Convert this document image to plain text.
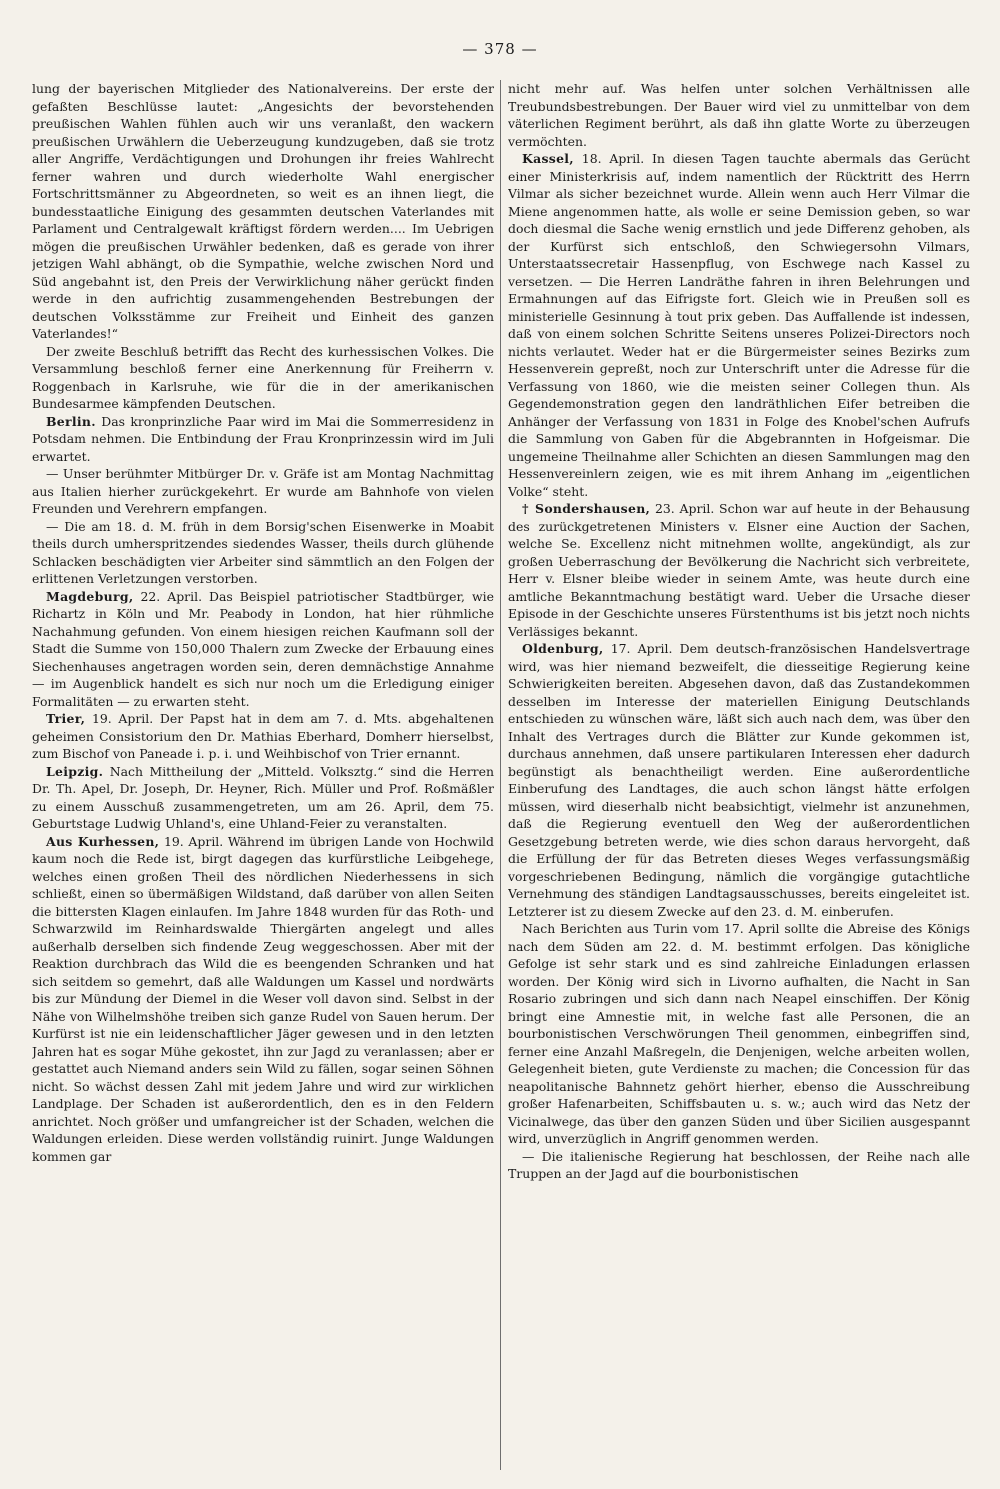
— 378 —

lung der bayerischen Mitglieder des Nationalvereins. Der erste der gefaßten Beschlüsse lautet: „Angesichts der bevorstehenden preußischen Wahlen fühlen auch wir uns veranlaßt, den wackern preußischen Urwählern die Ueberzeugung kundzugeben, daß sie trotz aller Angriffe, Verdächtigungen und Drohungen ihr freies Wahlrecht ferner wahren und durch wiederholte Wahl energischer Fortschrittsmänner zu Abgeordneten, so weit es an ihnen liegt, die bundesstaatliche Einigung des gesammten deutschen Vaterlandes mit Parlament und Centralgewalt kräftigst fördern werden.... Im Uebrigen mögen die preußischen Urwähler bedenken, daß es gerade von ihrer jetzigen Wahl abhängt, ob die Sympathie, welche zwischen Nord und Süd angebahnt ist, den Preis der Verwirklichung näher gerückt finden werde in den aufrichtig zusammengehenden Bestrebungen der deutschen Volksstämme zur Freiheit und Einheit des ganzen Vaterlandes!“

Der zweite Beschluß betrifft das Recht des kurhessischen Volkes. Die Versammlung beschloß ferner eine Anerkennung für Freiherrn v. Roggenbach in Karlsruhe, wie für die in der amerikanischen Bundesarmee kämpfenden Deutschen.

Berlin. Das kronprinzliche Paar wird im Mai die Sommerresidenz in Potsdam nehmen. Die Entbindung der Frau Kronprinzessin wird im Juli erwartet.

— Unser berühmter Mitbürger Dr. v. Gräfe ist am Montag Nachmittag aus Italien hierher zurückgekehrt. Er wurde am Bahnhofe von vielen Freunden und Verehrern empfangen.

— Die am 18. d. M. früh in dem Borsig'schen Eisenwerke in Moabit theils durch umherspritzendes siedendes Wasser, theils durch glühende Schlacken beschädigten vier Arbeiter sind sämmtlich an den Folgen der erlittenen Verletzungen verstorben.

Magdeburg, 22. April. Das Beispiel patriotischer Stadtbürger, wie Richartz in Köln und Mr. Peabody in London, hat hier rühmliche Nachahmung gefunden. Von einem hiesigen reichen Kaufmann soll der Stadt die Summe von 150,000 Thalern zum Zwecke der Erbauung eines Siechenhauses angetragen worden sein, deren demnächstige Annahme — im Augenblick handelt es sich nur noch um die Erledigung einiger Formalitäten — zu erwarten steht.

Trier, 19. April. Der Papst hat in dem am 7. d. Mts. abgehaltenen geheimen Consistorium den Dr. Mathias Eberhard, Domherr hierselbst, zum Bischof von Paneade i. p. i. und Weihbischof von Trier ernannt.

Leipzig. Nach Mittheilung der „Mitteld. Volksztg.“ sind die Herren Dr. Th. Apel, Dr. Joseph, Dr. Heyner, Rich. Müller und Prof. Roßmäßler zu einem Ausschuß zusammengetreten, um am 26. April, dem 75. Geburtstage Ludwig Uhland's, eine Uhland-Feier zu veranstalten.

Aus Kurhessen, 19. April. Während im übrigen Lande von Hochwild kaum noch die Rede ist, birgt dagegen das kurfürstliche Leibgehege, welches einen großen Theil des nördlichen Niederhessens in sich schließt, einen so übermäßigen Wildstand, daß darüber von allen Seiten die bittersten Klagen einlaufen. Im Jahre 1848 wurden für das Roth- und Schwarzwild im Reinhardswalde Thiergärten angelegt und alles außerhalb derselben sich findende Zeug weggeschossen. Aber mit der Reaktion durchbrach das Wild die es beengenden Schranken und hat sich seitdem so gemehrt, daß alle Waldungen um Kassel und nordwärts bis zur Mündung der Diemel in die Weser voll davon sind. Selbst in der Nähe von Wilhelmshöhe treiben sich ganze Rudel von Sauen herum. Der Kurfürst ist nie ein leidenschaftlicher Jäger gewesen und in den letzten Jahren hat es sogar Mühe gekostet, ihn zur Jagd zu veranlassen; aber er gestattet auch Niemand anders sein Wild zu fällen, sogar seinen Söhnen nicht. So wächst dessen Zahl mit jedem Jahre und wird zur wirklichen Landplage. Der Schaden ist außerordentlich, den es in den Feldern anrichtet. Noch größer und umfangreicher ist der Schaden, welchen die Waldungen erleiden. Diese werden vollständig ruinirt. Junge Waldungen kommen gar

nicht mehr auf. Was helfen unter solchen Verhältnissen alle Treubundsbestrebungen. Der Bauer wird viel zu unmittelbar von dem väterlichen Regiment berührt, als daß ihn glatte Worte zu überzeugen vermöchten.

Kassel, 18. April. In diesen Tagen tauchte abermals das Gerücht einer Ministerkrisis auf, indem namentlich der Rücktritt des Herrn Vilmar als sicher bezeichnet wurde. Allein wenn auch Herr Vilmar die Miene angenommen hatte, als wolle er seine Demission geben, so war doch diesmal die Sache wenig ernstlich und jede Differenz gehoben, als der Kurfürst sich entschloß, den Schwiegersohn Vilmars, Unterstaatssecretair Hassenpflug, von Eschwege nach Kassel zu versetzen. — Die Herren Landräthe fahren in ihren Belehrungen und Ermahnungen auf das Eifrigste fort. Gleich wie in Preußen soll es ministerielle Gesinnung à tout prix geben. Das Auffallende ist indessen, daß von einem solchen Schritte Seitens unseres Polizei-Directors noch nichts verlautet. Weder hat er die Bürgermeister seines Bezirks zum Hessenverein gepreßt, noch zur Unterschrift unter die Adresse für die Verfassung von 1860, wie die meisten seiner Collegen thun. Als Gegendemonstration gegen den landräthlichen Eifer betreiben die Anhänger der Verfassung von 1831 in Folge des Knobel'schen Aufrufs die Sammlung von Gaben für die Abgebrannten in Hofgeismar. Die ungemeine Theilnahme aller Schichten an diesen Sammlungen mag den Hessenvereinlern zeigen, wie es mit ihrem Anhang im „eigentlichen Volke“ steht.

† Sondershausen, 23. April. Schon war auf heute in der Behausung des zurückgetretenen Ministers v. Elsner eine Auction der Sachen, welche Se. Excellenz nicht mitnehmen wollte, angekündigt, als zur großen Ueberraschung der Bevölkerung die Nachricht sich verbreitete, Herr v. Elsner bleibe wieder in seinem Amte, was heute durch eine amtliche Bekanntmachung bestätigt ward. Ueber die Ursache dieser Episode in der Geschichte unseres Fürstenthums ist bis jetzt noch nichts Verlässiges bekannt.

Oldenburg, 17. April. Dem deutsch-französischen Handelsvertrage wird, was hier niemand bezweifelt, die diesseitige Regierung keine Schwierigkeiten bereiten. Abgesehen davon, daß das Zustandekommen desselben im Interesse der materiellen Einigung Deutschlands entschieden zu wünschen wäre, läßt sich auch nach dem, was über den Inhalt des Vertrages durch die Blätter zur Kunde gekommen ist, durchaus annehmen, daß unsere partikularen Interessen eher dadurch begünstigt als benachtheiligt werden. Eine außerordentliche Einberufung des Landtages, die auch schon längst hätte erfolgen müssen, wird dieserhalb nicht beabsichtigt, vielmehr ist anzunehmen, daß die Regierung eventuell den Weg der außerordentlichen Gesetzgebung betreten werde, wie dies schon daraus hervorgeht, daß die Erfüllung der für das Betreten dieses Weges verfassungsmäßig vorgeschriebenen Bedingung, nämlich die vorgängige gutachtliche Vernehmung des ständigen Landtagsausschusses, bereits eingeleitet ist. Letzterer ist zu diesem Zwecke auf den 23. d. M. einberufen.

Nach Berichten aus Turin vom 17. April sollte die Abreise des Königs nach dem Süden am 22. d. M. bestimmt erfolgen. Das königliche Gefolge ist sehr stark und es sind zahlreiche Einladungen erlassen worden. Der König wird sich in Livorno aufhalten, die Nacht in San Rosario zubringen und sich dann nach Neapel einschiffen. Der König bringt eine Amnestie mit, in welche fast alle Personen, die an bourbonistischen Verschwörungen Theil genommen, einbegriffen sind, ferner eine Anzahl Maßregeln, die Denjenigen, welche arbeiten wollen, Gelegenheit bieten, gute Verdienste zu machen; die Concession für das neapolitanische Bahnnetz gehört hierher, ebenso die Ausschreibung großer Hafenarbeiten, Schiffsbauten u. s. w.; auch wird das Netz der Vicinalwege, das über den ganzen Süden und über Sicilien ausgespannt wird, unverzüglich in Angriff genommen werden.

— Die italienische Regierung hat beschlossen, der Reihe nach alle Truppen an der Jagd auf die bourbonistischen
